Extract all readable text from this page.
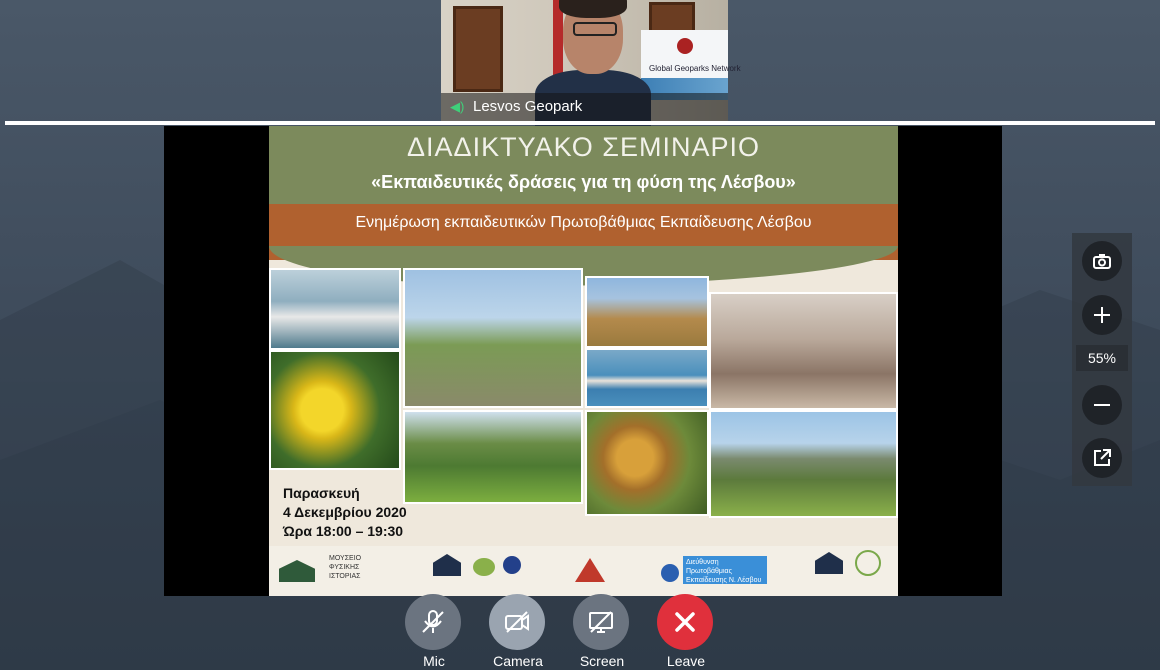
Global Geoparks Network
◀︎) Lesvos Geopark
ΔΙΑΔΙΚΤΥΑΚΟ ΣΕΜΙΝΑΡΙΟ
«Εκπαιδευτικές δράσεις για τη φύση της Λέσβου»
Ενημέρωση εκπαιδευτικών Πρωτοβάθμιας Εκπαίδευσης Λέσβου
Παρασκευή
4 Δεκεμβρίου 2020
Ώρα 18:00 – 19:30
ΜΟΥΣΕΙΟ ΦΥΣΙΚΗΣ ΙΣΤΟΡΙΑΣ
Διεύθυνση Πρωτοβάθμιας Εκπαίδευσης Ν. Λέσβου
55%
Mic	Camera	Screen	Leave
